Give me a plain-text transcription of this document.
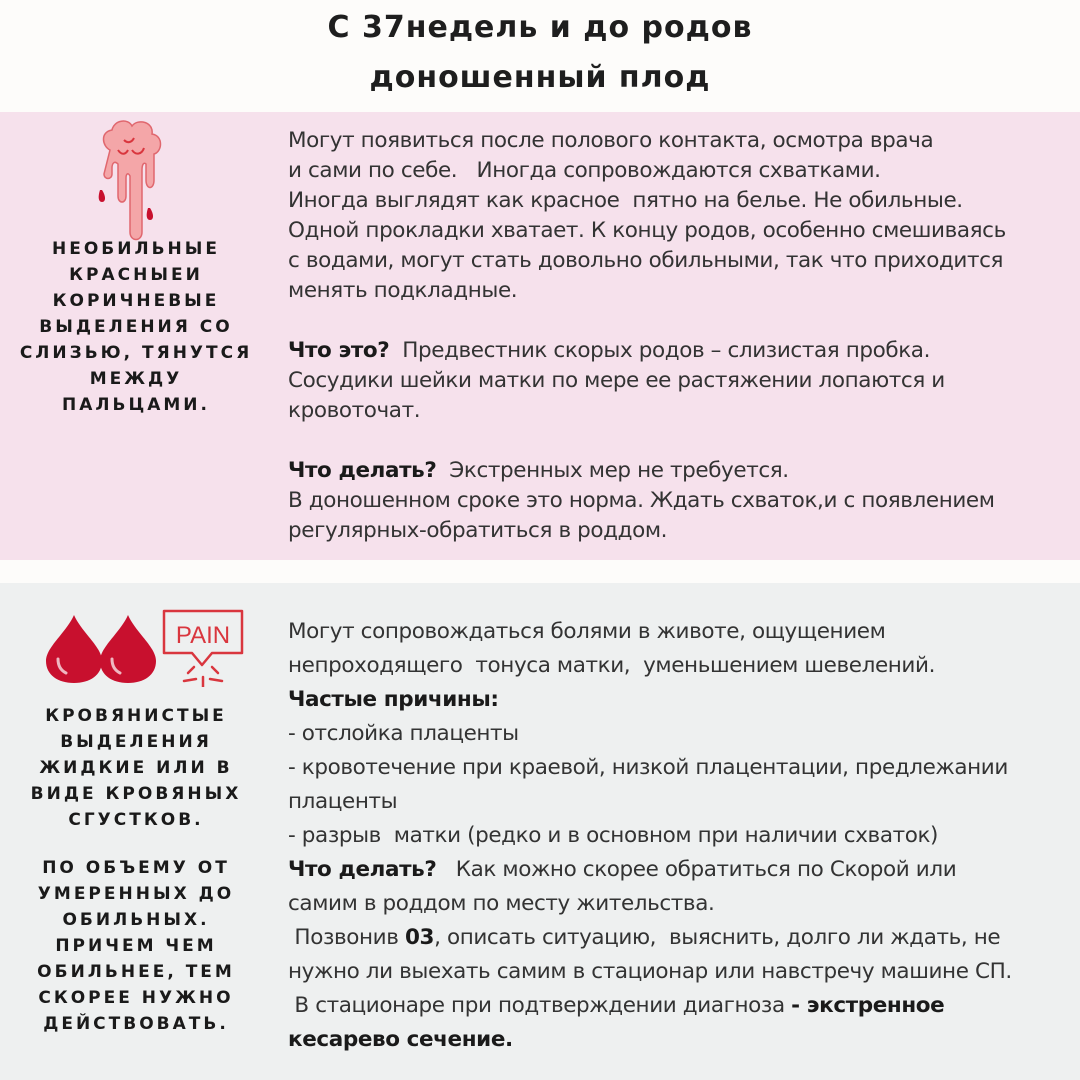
С 37недель и до родов
доношенный плод
НЕОБИЛЬНЫЕ
КРАСНЫЕИ
КОРИЧНЕВЫЕ
ВЫДЕЛЕНИЯ СО
СЛИЗЬЮ, ТЯНУТСЯ
МЕЖДУ
ПАЛЬЦАМИ.
Могут появиться после полового контакта, осмотра врача
и сами по себе.   Иногда сопровождаются схватками.
Иногда выглядят как красное  пятно на белье. Не обильные.
Одной прокладки хватает. К концу родов, особенно смешиваясь
с водами, могут стать довольно обильными, так что приходится
менять подкладные.
Что это?  Предвестник скорых родов – слизистая пробка.
Сосудики шейки матки по мере ее растяжении лопаются и
кровоточат.
Что делать?  Экстренных мер не требуется.
В доношенном сроке это норма. Ждать схваток,и с появлением
регулярных-обратиться в роддом.
PAIN
КРОВЯНИСТЫЕ
ВЫДЕЛЕНИЯ
ЖИДКИЕ ИЛИ В
ВИДЕ КРОВЯНЫХ
СГУСТКОВ.
ПО ОБЪЕМУ ОТ
УМЕРЕННЫХ ДО
ОБИЛЬНЫХ.
ПРИЧЕМ ЧЕМ
ОБИЛЬНЕЕ, ТЕМ
СКОРЕЕ НУЖНО
ДЕЙСТВОВАТЬ.
Могут сопровождаться болями в животе, ощущением
непроходящего  тонуса матки,  уменьшением шевелений.
Частые причины:
- отслойка плаценты
- кровотечение при краевой, низкой плацентации, предлежании
плаценты
- разрыв  матки (редко и в основном при наличии схваток)
Что делать?   Как можно скорее обратиться по Скорой или
самим в роддом по месту жительства.
Позвонив 03, описать ситуацию,  выяснить, долго ли ждать, не
нужно ли выехать самим в стационар или навстречу машине СП.
В стационаре при подтверждении диагноза - экстренное
кесарево сечение.
